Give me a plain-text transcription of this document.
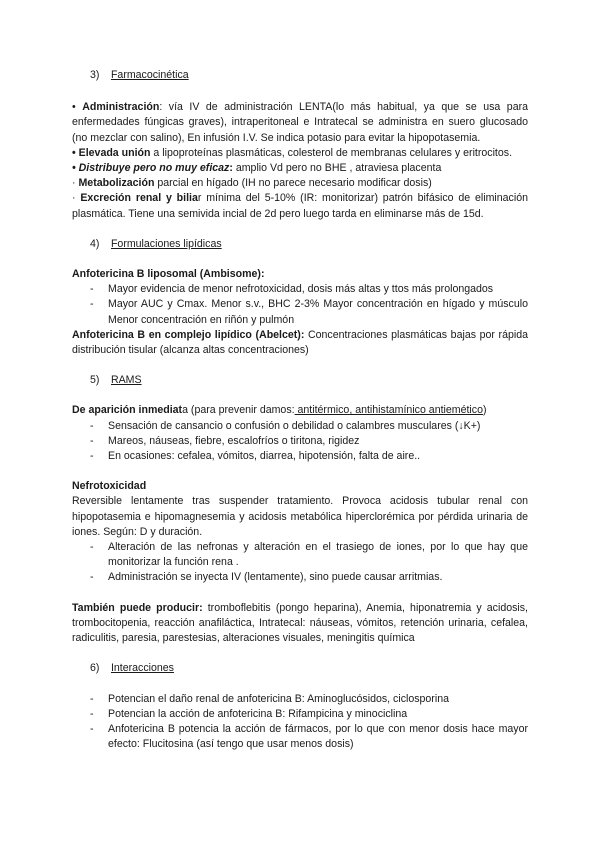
3) Farmacocinética

• Administración: vía IV de administración LENTA(lo más habitual, ya que se usa para enfermedades fúngicas graves), intraperitoneal e Intratecal se administra en suero glucosado (no mezclar con salino), En infusión I.V. Se indica potasio para evitar la hipopotasemia.

• Elevada unión a lipoproteínas plasmáticas, colesterol de membranas celulares y eritrocitos.

• Distribuye pero no muy eficaz: amplio Vd pero no BHE , atraviesa placenta

· Metabolización parcial en hígado (IH no parece necesario modificar dosis)

· Excreción renal y biliar mínima del 5-10% (IR: monitorizar) patrón bifásico de eliminación plasmática. Tiene una semivida incial de 2d pero luego tarda en eliminarse más de 15d.

4) Formulaciones lipídicas

Anfotericina B liposomal (Ambisome):

- Mayor evidencia de menor nefrotoxicidad, dosis más altas y ttos más prolongados
- Mayor AUC y Cmax. Menor s.v., BHC 2-3% Mayor concentración en hígado y músculo Menor concentración en riñón y pulmón

Anfotericina B en complejo lipídico (Abelcet): Concentraciones plasmáticas bajas por rápida distribución tisular (alcanza altas concentraciones)

5) RAMS

De aparición inmediata (para prevenir damos: antitérmico, antihistamínico antiemético)

- Sensación de cansancio o confusión o debilidad o calambres musculares (↓K+)
- Mareos, náuseas, fiebre, escalofríos o tiritona, rigidez
- En ocasiones: cefalea, vómitos, diarrea, hipotensión, falta de aire..

Nefrotoxicidad

Reversible lentamente tras suspender tratamiento. Provoca acidosis tubular renal con hipopotasemia e hipomagnesemia y acidosis metabólica hiperclorémica por pérdida urinaria de iones. Según: D y duración.

- Alteración de las nefronas y alteración en el trasiego de iones, por lo que hay que monitorizar la función rena .
- Administración se inyecta IV (lentamente), sino puede causar arritmias.

También puede producir: tromboflebitis (pongo heparina), Anemia, hiponatremia y acidosis, trombocitopenia, reacción anafiláctica, Intratecal: náuseas, vómitos, retención urinaria, cefalea, radiculitis, paresia, parestesias, alteraciones visuales, meningitis química

6) Interacciones
- Potencian el daño renal de anfotericina B: Aminoglucósidos, ciclosporina
- Potencian la acción de anfotericina B: Rifampicina y minociclina
- Anfotericina B potencia la acción de fármacos, por lo que con menor dosis hace mayor efecto: Flucitosina (así tengo que usar menos dosis)
